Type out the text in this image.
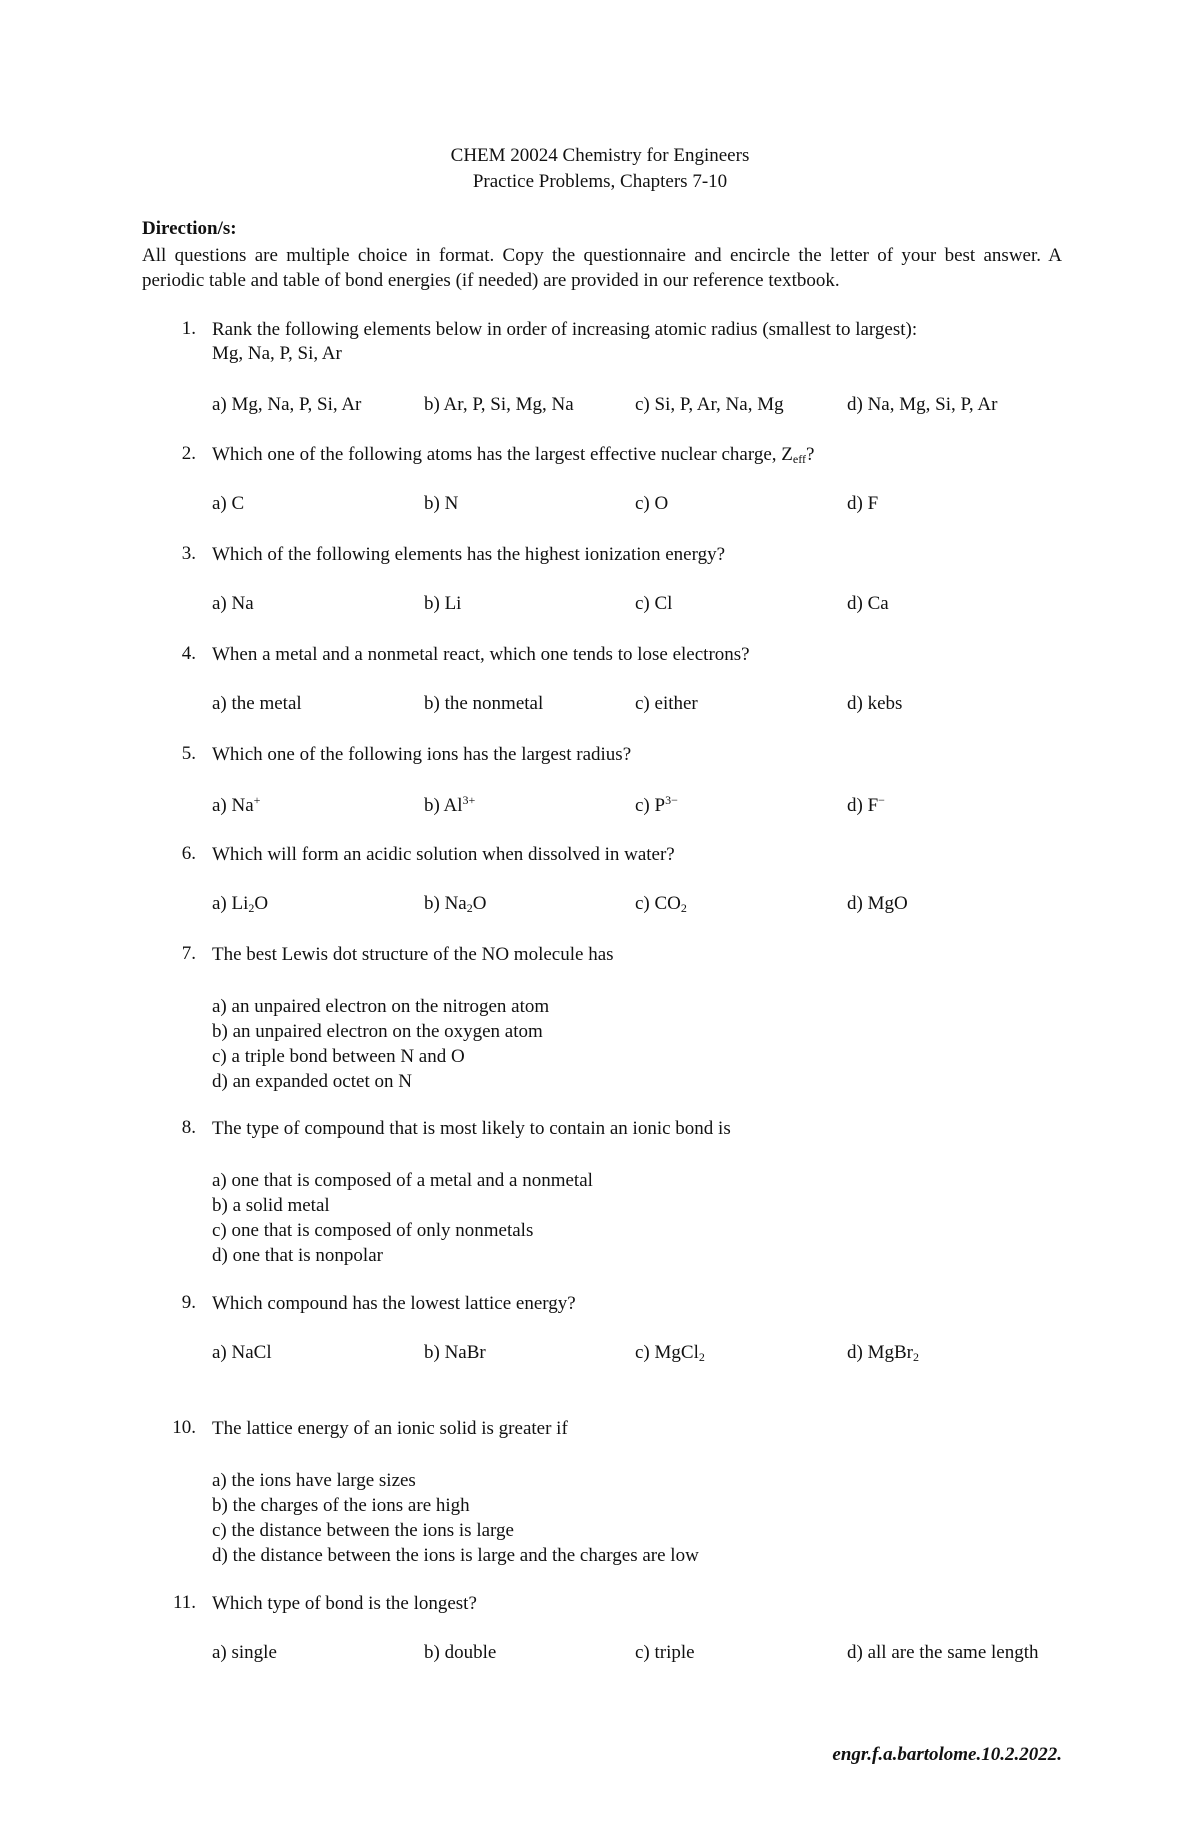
CHEM 20024 Chemistry for Engineers
Practice Problems, Chapters 7-10
Direction/s:
All questions are multiple choice in format. Copy the questionnaire and encircle the letter of your best answer. A periodic table and table of bond energies (if needed) are provided in our reference textbook.
1. Rank the following elements below in order of increasing atomic radius (smallest to largest):
Mg, Na, P, Si, Ar
a) Mg, Na, P, Si, Ar	b) Ar, P, Si, Mg, Na	c) Si, P, Ar, Na, Mg	d) Na, Mg, Si, P, Ar
2. Which one of the following atoms has the largest effective nuclear charge, $Z_{eff}$?
a) C	b) N	c) O	d) F
3. Which of the following elements has the highest ionization energy?
a) Na	b) Li	c) Cl	d) Ca
4. When a metal and a nonmetal react, which one tends to lose electrons?
a) the metal	b) the nonmetal	c) either	d) kebs
5. Which one of the following ions has the largest radius?
a) Na+	b) $Al^{3+}$	c) $P^{3-}$	d) F−
6. Which will form an acidic solution when dissolved in water?
a) $Li_2O$	b) $Na_2O$	c) $CO_2$	d) MgO
7. The best Lewis dot structure of the NO molecule has
a) an unpaired electron on the nitrogen atom
b) an unpaired electron on the oxygen atom
c) a triple bond between N and O
d) an expanded octet on N
8. The type of compound that is most likely to contain an ionic bond is
a) one that is composed of a metal and a nonmetal
b) a solid metal
c) one that is composed of only nonmetals
d) one that is nonpolar
9. Which compound has the lowest lattice energy?
a) NaCl	b) NaBr	c) MgCl$_2$	d) MgBr$_2$
10. The lattice energy of an ionic solid is greater if
a) the ions have large sizes
b) the charges of the ions are high
c) the distance between the ions is large
d) the distance between the ions is large and the charges are low
11. Which type of bond is the longest?
a) single	b) double	c) triple	d) all are the same length
engr.f.a.bartolome.10.2.2022.
